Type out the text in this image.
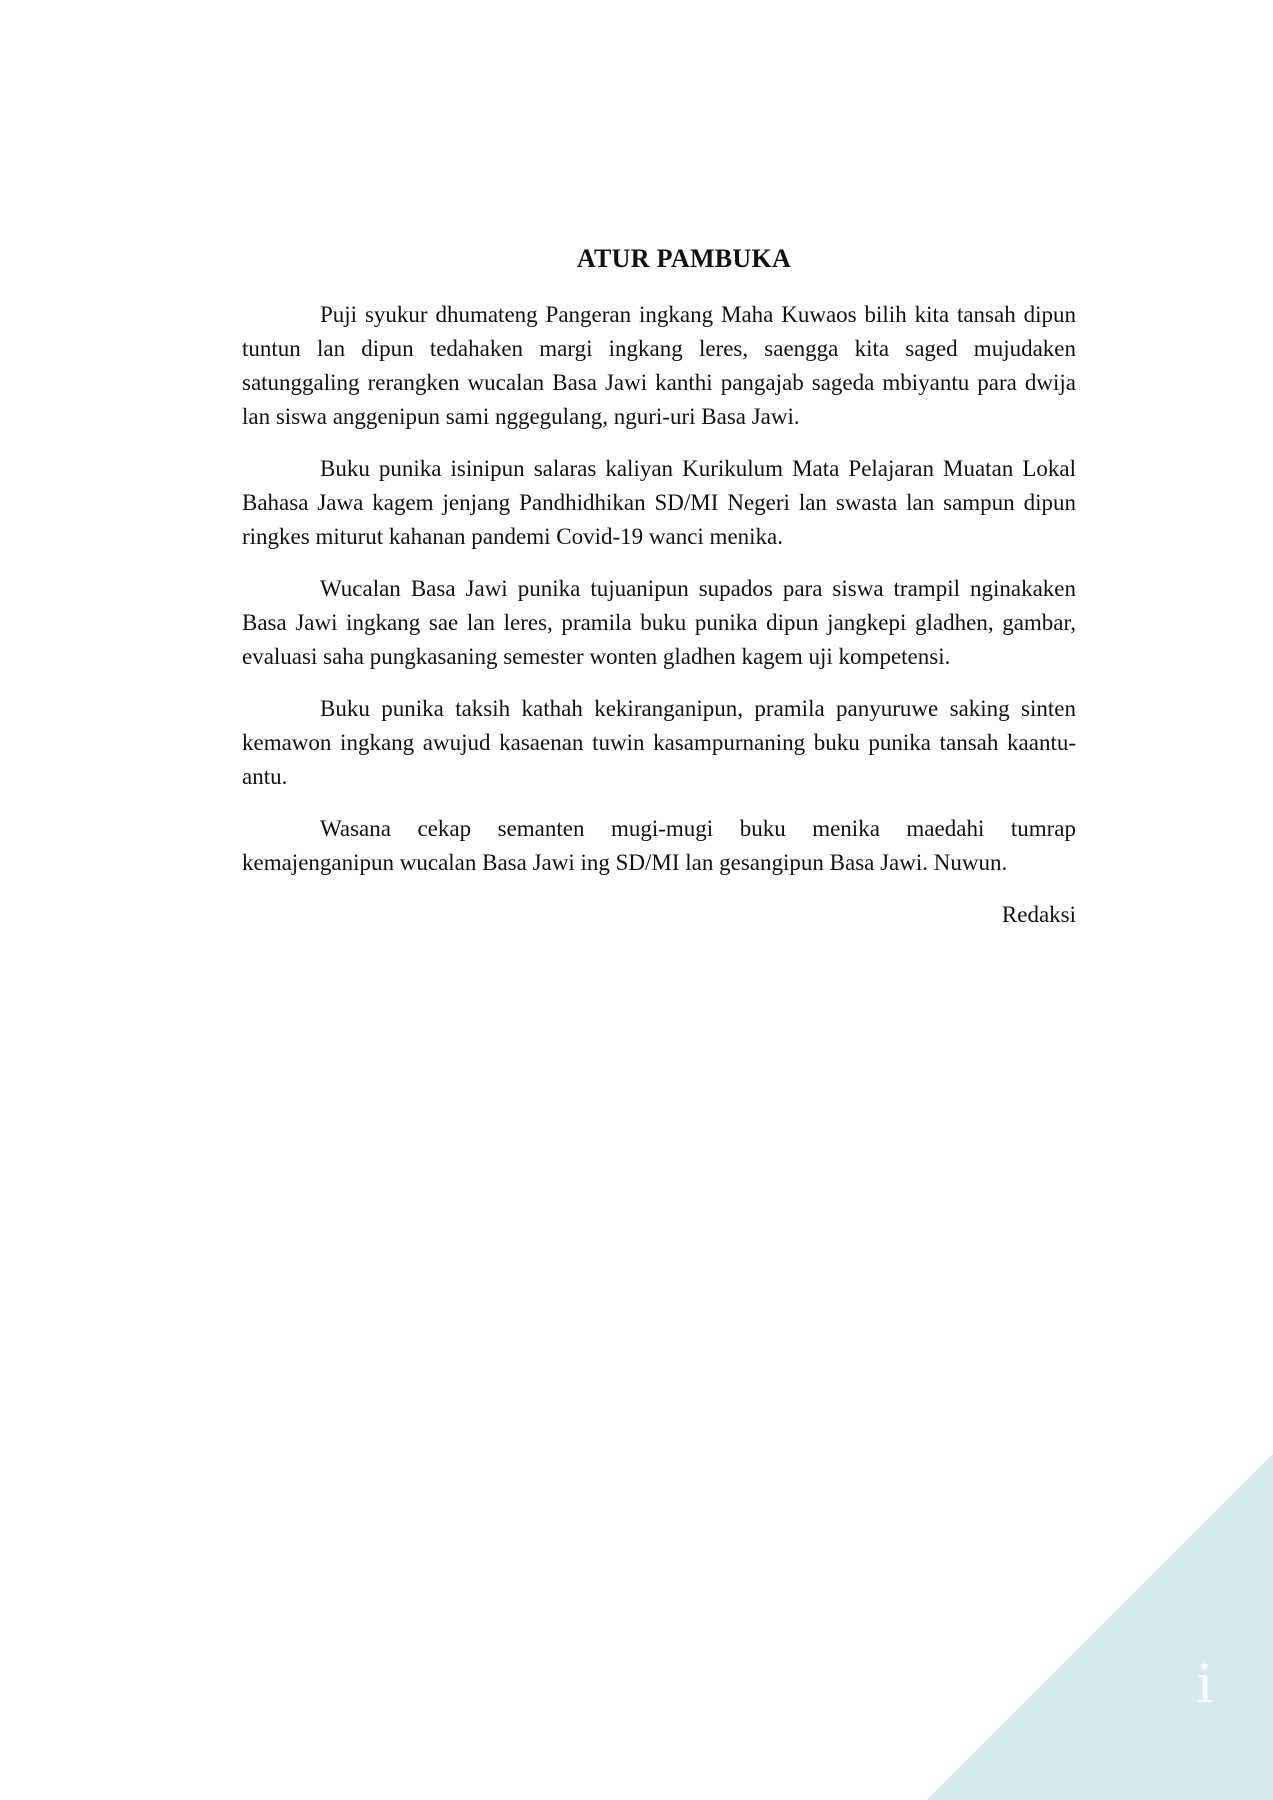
ATUR PAMBUKA

Puji syukur dhumateng Pangeran ingkang Maha Kuwaos bilih kita tansah dipun tuntun lan dipun tedahaken margi ingkang leres, saengga kita saged mujudaken satunggaling rerangken wucalan Basa Jawi kanthi pangajab sageda mbiyantu para dwija lan siswa anggenipun sami nggegulang, nguri-uri Basa Jawi.

Buku punika isinipun salaras kaliyan Kurikulum Mata Pelajaran Muatan Lokal Bahasa Jawa kagem jenjang Pandhidhikan SD/MI Negeri lan swasta lan sampun dipun ringkes miturut kahanan pandemi Covid-19 wanci menika.

Wucalan Basa Jawi punika tujuanipun supados para siswa trampil nginakaken Basa Jawi ingkang sae lan leres, pramila buku punika dipun jangkepi gladhen, gambar, evaluasi saha pungkasaning semester wonten gladhen kagem uji kompetensi.

Buku punika taksih kathah kekiranganipun, pramila panyuruwe saking sinten kemawon ingkang awujud kasaenan tuwin kasampurnaning buku punika tansah kaantu-antu.

Wasana cekap semanten mugi-mugi buku menika maedahi tumrap kemajenganipun wucalan Basa Jawi ing SD/MI lan gesangipun Basa Jawi. Nuwun.

Redaksi

i
